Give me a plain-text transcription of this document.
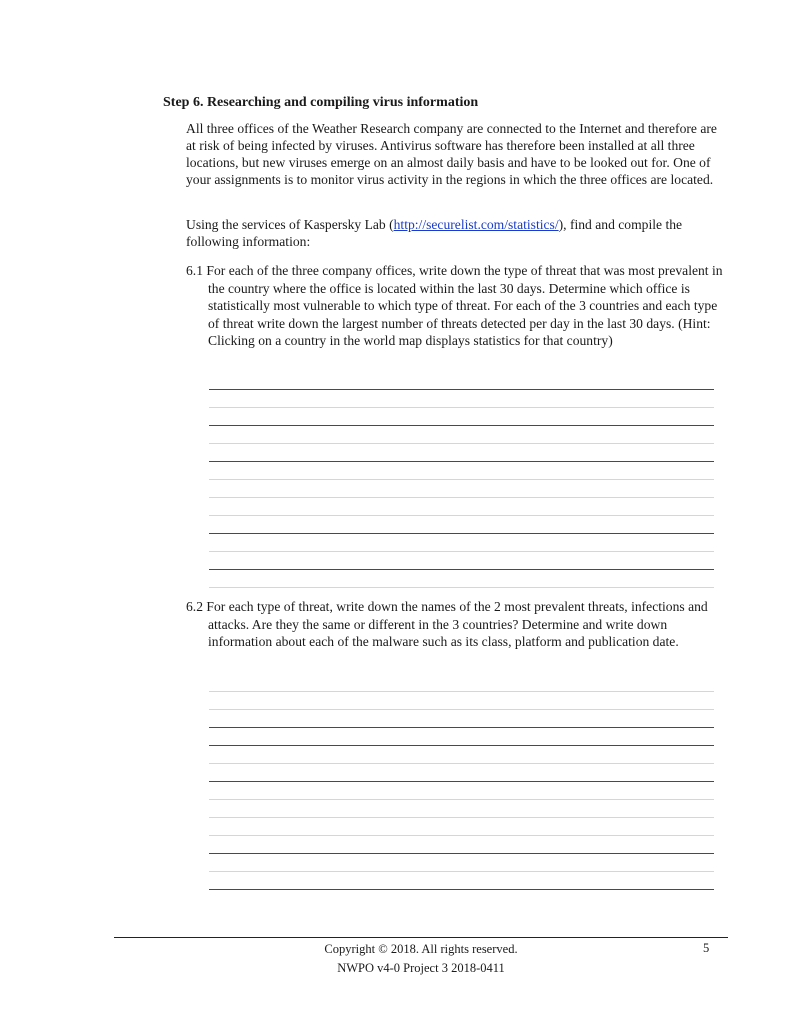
Step 6. Researching and compiling virus information
All three offices of the Weather Research company are connected to the Internet and therefore are at risk of being infected by viruses. Antivirus software has therefore been installed at all three locations, but new viruses emerge on an almost daily basis and have to be looked out for. One of your assignments is to monitor virus activity in the regions in which the three offices are located.
Using the services of Kaspersky Lab (http://securelist.com/statistics/), find and compile the following information:
6.1 For each of the three company offices, write down the type of threat that was most prevalent in the country where the office is located within the last 30 days. Determine which office is statistically most vulnerable to which type of threat. For each of the 3 countries and each type of threat write down the largest number of threats detected per day in the last 30 days. (Hint: Clicking on a country in the world map displays statistics for that country)
6.2 For each type of threat, write down the names of the 2 most prevalent threats, infections and attacks. Are they the same or different in the 3 countries? Determine and write down information about each of the malware such as its class, platform and publication date.
Copyright © 2018. All rights reserved.
NWPO v4-0 Project 3 2018-0411
5
